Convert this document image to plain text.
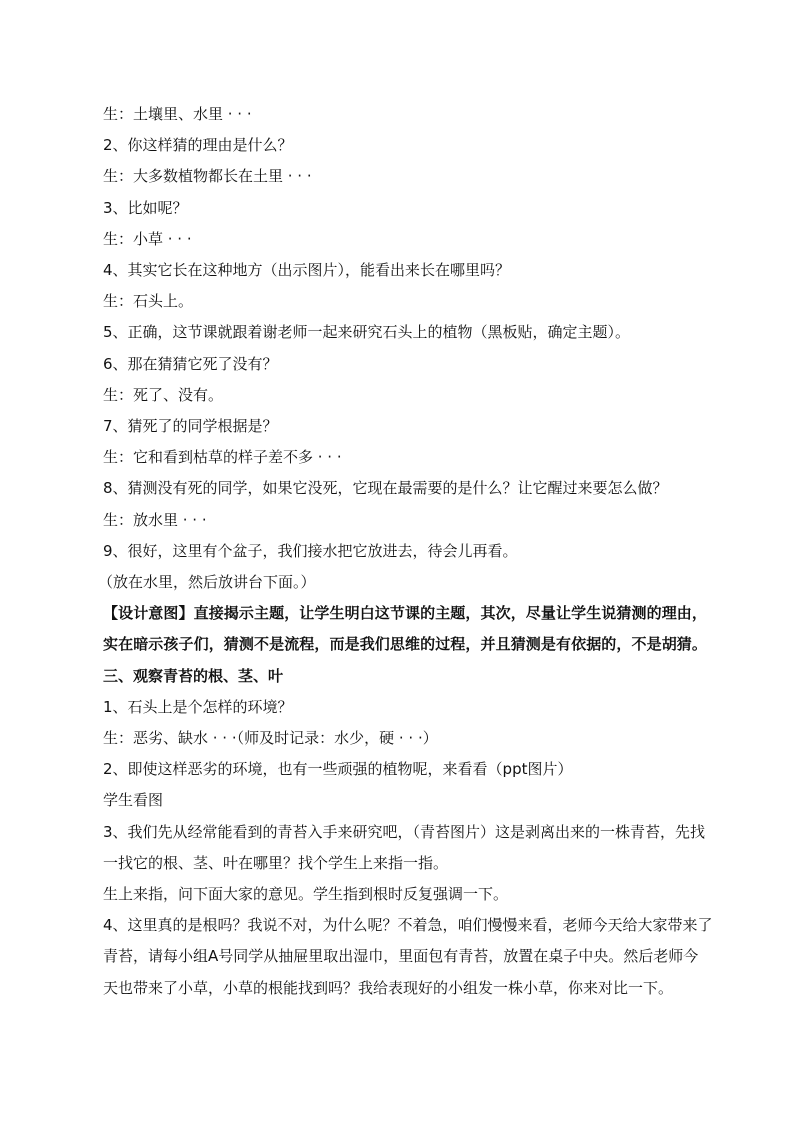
生：土壤里、水里 · · ·
2、你这样猜的理由是什么？
生：大多数植物都长在土里 · · ·
3、比如呢？
生：小草 · · ·
4、其实它长在这种地方（出示图片），能看出来长在哪里吗？
生：石头上。
5、正确，这节课就跟着谢老师一起来研究石头上的植物（黑板贴，确定主题）。
6、那在猜猜它死了没有？
生：死了、没有。
7、猜死了的同学根据是？
生：它和看到枯草的样子差不多 · · ·
8、猜测没有死的同学，如果它没死，它现在最需要的是什么？让它醒过来要怎么做？
生：放水里 · · ·
9、很好，这里有个盆子，我们接水把它放进去，待会儿再看。
（放在水里，然后放讲台下面。）
【设计意图】直接揭示主题，让学生明白这节课的主题，其次，尽量让学生说猜测的理由，实在暗示孩子们，猜测不是流程，而是我们思维的过程，并且猜测是有依据的，不是胡猜。
三、观察青苔的根、茎、叶
1、石头上是个怎样的环境？
生：恶劣、缺水 · · ·（师及时记录：水少，硬 · · ·）
2、即使这样恶劣的环境，也有一些顽强的植物呢，来看看（ppt图片）
学生看图
3、我们先从经常能看到的青苔入手来研究吧，（青苔图片）这是剥离出来的一株青苔，先找一找它的根、茎、叶在哪里？找个学生上来指一指。
生上来指，问下面大家的意见。学生指到根时反复强调一下。
4、这里真的是根吗？我说不对，为什么呢？不着急，咱们慢慢来看，老师今天给大家带来了青苔，请每小组A号同学从抽屉里取出湿巾，里面包有青苔，放置在桌子中央。然后老师今天也带来了小草，小草的根能找到吗？我给表现好的小组发一株小草，你来对比一下。
